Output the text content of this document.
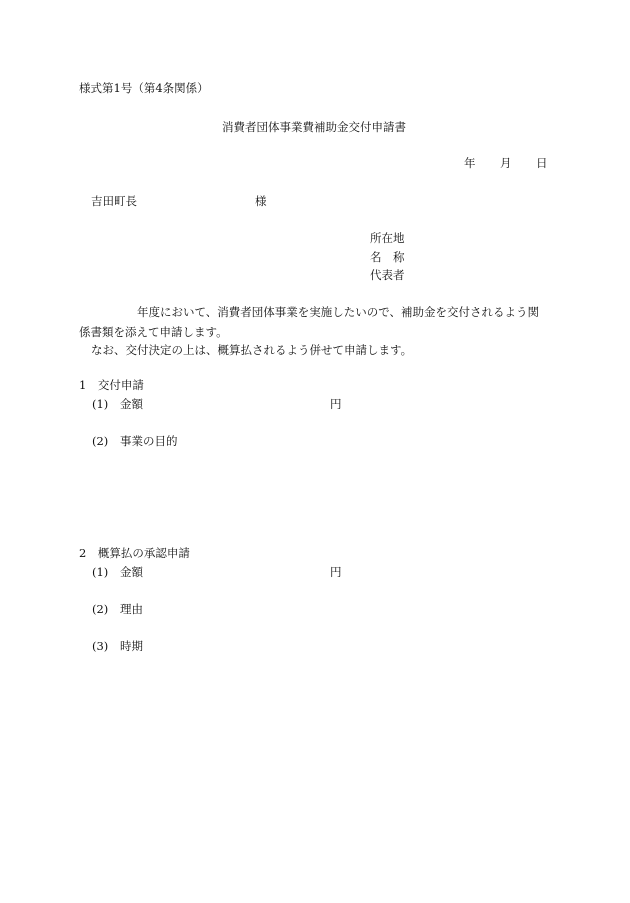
様式第1号（第4条関係）
消費者団体事業費補助金交付申請書
年 月 日
吉田町長	様
所在地
名　称
代表者
年度において、消費者団体事業を実施したいので、補助金を交付されるよう関係書類を添えて申請します。
なお、交付決定の上は、概算払されるよう併せて申請します。
1　交付申請
(1) 金額	円
(2) 事業の目的
2　概算払の承認申請
(1) 金額	円
(2) 理由
(3) 時期
